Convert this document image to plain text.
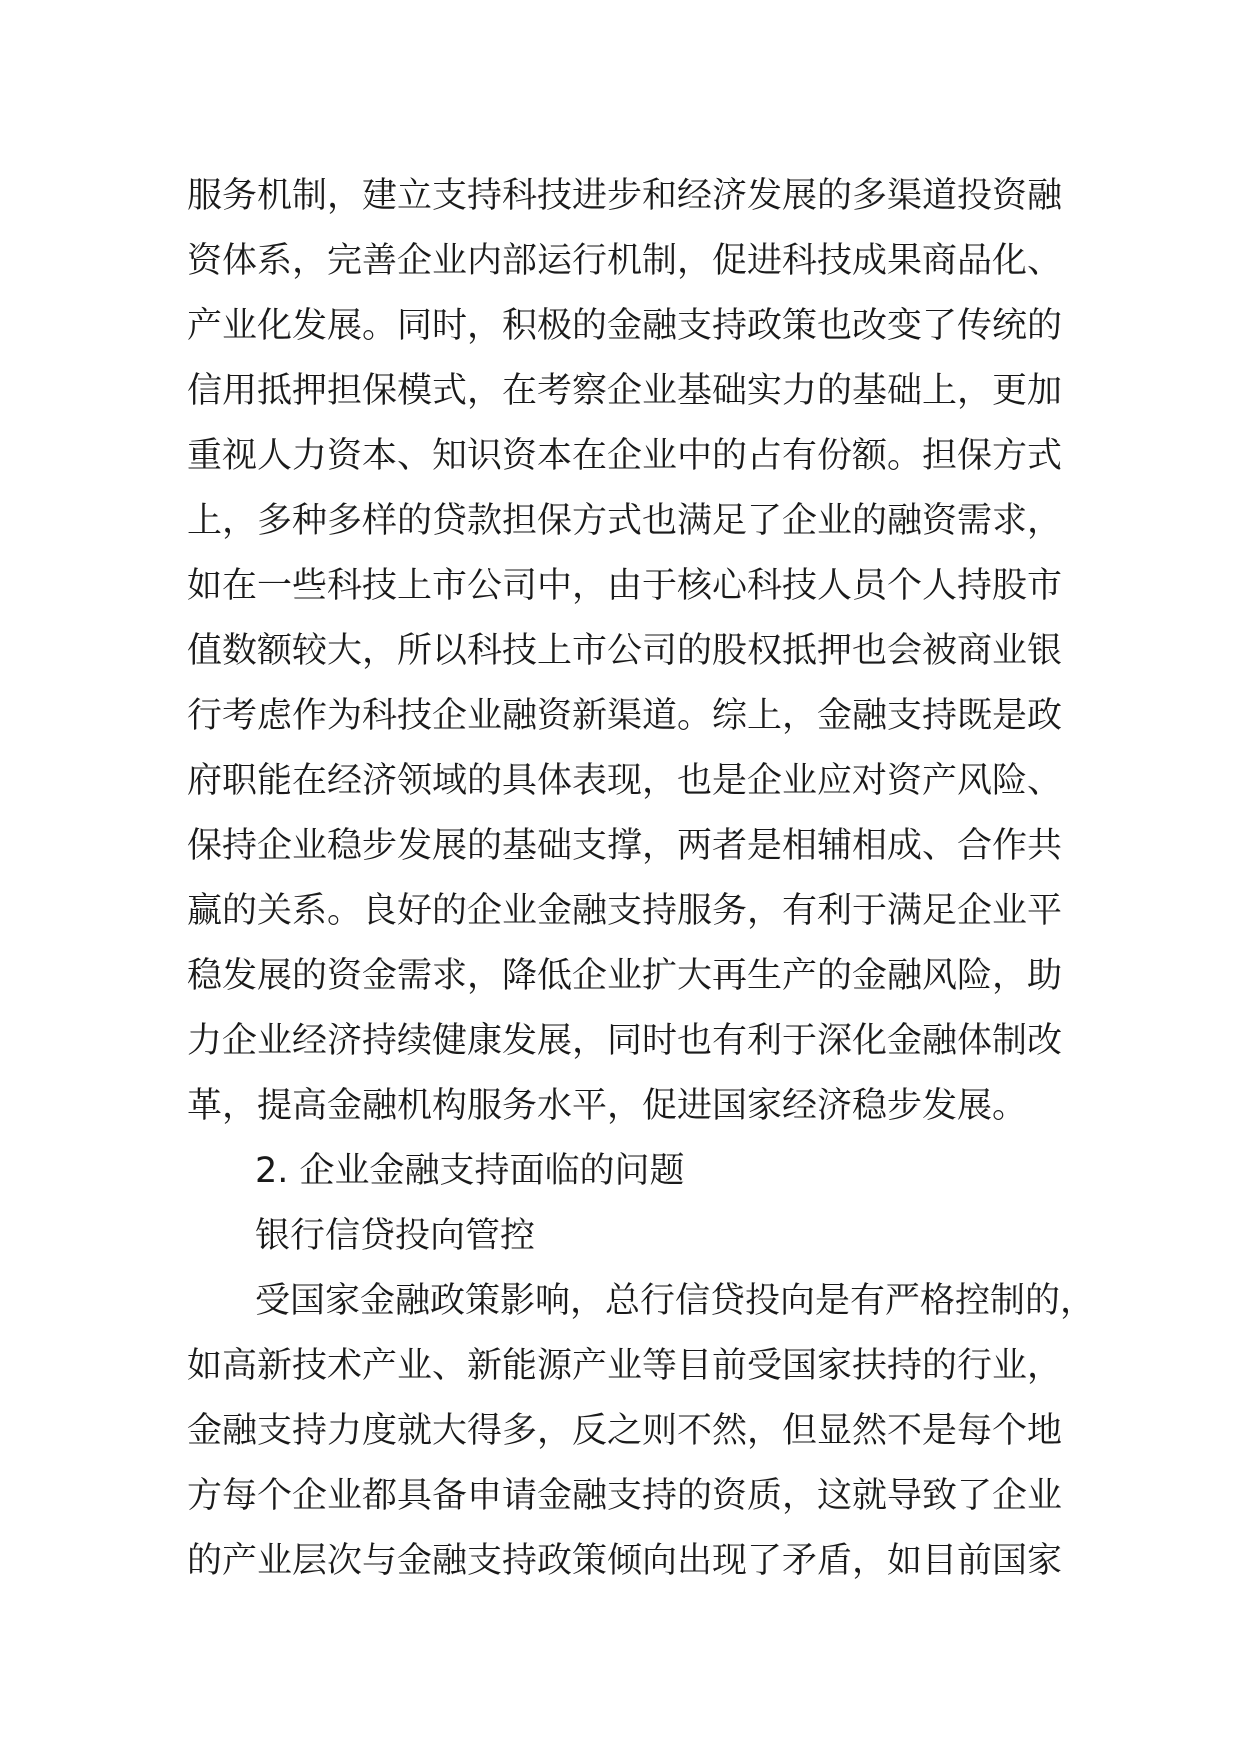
服务机制，建立支持科技进步和经济发展的多渠道投资融
资体系，完善企业内部运行机制，促进科技成果商品化、
产业化发展。同时，积极的金融支持政策也改变了传统的
信用抵押担保模式，在考察企业基础实力的基础上，更加
重视人力资本、知识资本在企业中的占有份额。担保方式
上，多种多样的贷款担保方式也满足了企业的融资需求，
如在一些科技上市公司中，由于核心科技人员个人持股市
值数额较大，所以科技上市公司的股权抵押也会被商业银
行考虑作为科技企业融资新渠道。综上，金融支持既是政
府职能在经济领域的具体表现，也是企业应对资产风险、
保持企业稳步发展的基础支撑，两者是相辅相成、合作共
赢的关系。良好的企业金融支持服务，有利于满足企业平
稳发展的资金需求，降低企业扩大再生产的金融风险，助
力企业经济持续健康发展，同时也有利于深化金融体制改
革，提高金融机构服务水平，促进国家经济稳步发展。
2. 企业金融支持面临的问题
银行信贷投向管控
受国家金融政策影响，总行信贷投向是有严格控制的，
如高新技术产业、新能源产业等目前受国家扶持的行业，
金融支持力度就大得多，反之则不然，但显然不是每个地
方每个企业都具备申请金融支持的资质，这就导致了企业
的产业层次与金融支持政策倾向出现了矛盾，如目前国家
